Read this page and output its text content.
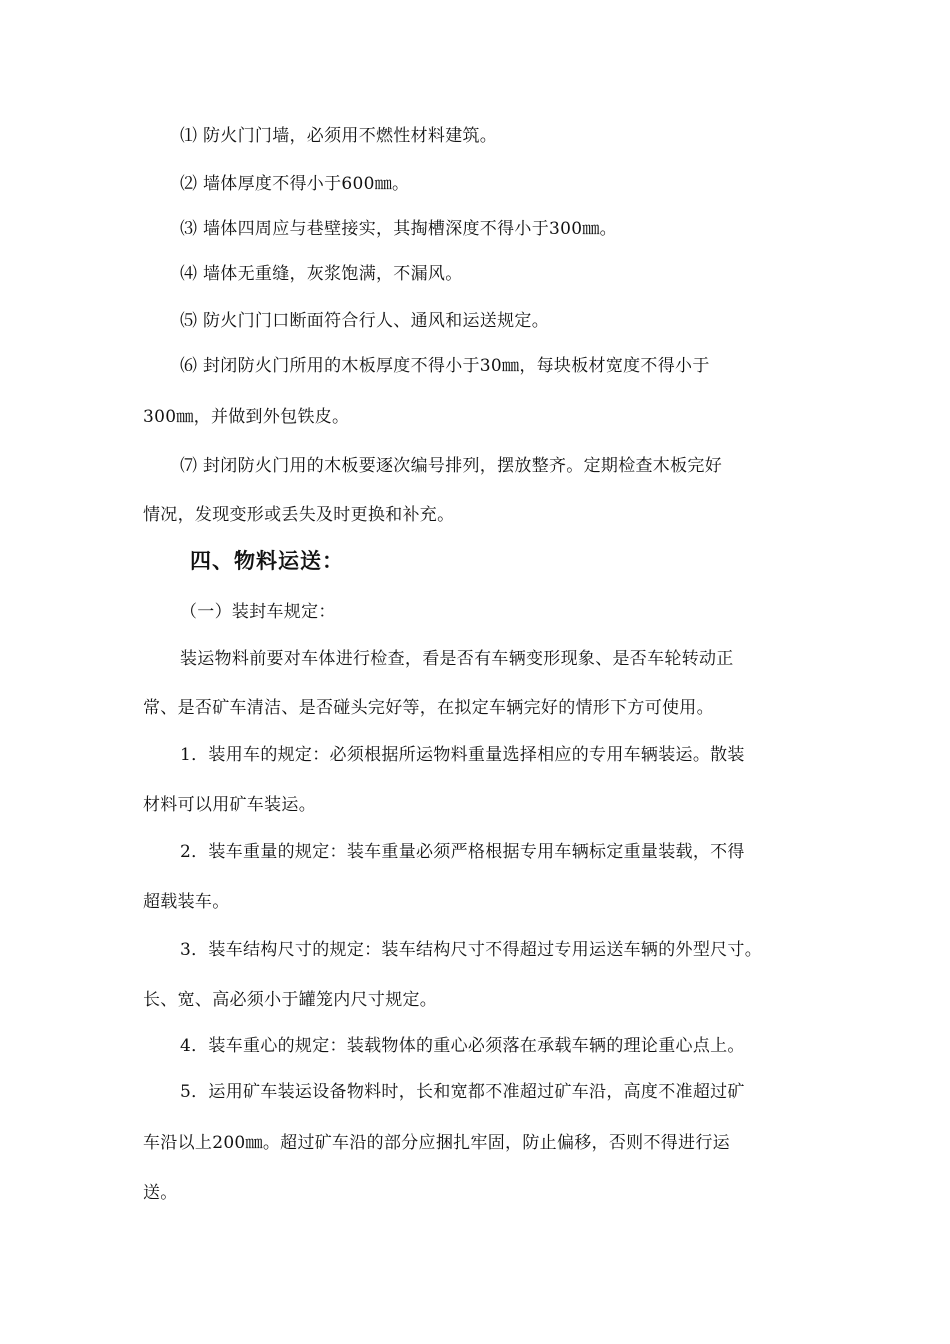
⑴ 防火门门墙，必须用不燃性材料建筑。

⑵ 墙体厚度不得小于600㎜。

⑶ 墙体四周应与巷壁接实，其掏槽深度不得小于300㎜。

⑷ 墙体无重缝，灰浆饱满，不漏风。

⑸ 防火门门口断面符合行人、通风和运送规定。

⑹ 封闭防火门所用的木板厚度不得小于30㎜，每块板材宽度不得小于

300㎜，并做到外包铁皮。

⑺ 封闭防火门用的木板要逐次编号排列，摆放整齐。定期检查木板完好

情况，发现变形或丢失及时更换和补充。

四、物料运送：

（一）装封车规定：

装运物料前要对车体进行检查，看是否有车辆变形现象、是否车轮转动正

常、是否矿车清洁、是否碰头完好等，在拟定车辆完好的情形下方可使用。

1．装用车的规定：必须根据所运物料重量选择相应的专用车辆装运。散装

材料可以用矿车装运。

2．装车重量的规定：装车重量必须严格根据专用车辆标定重量装载，不得

超载装车。

3．装车结构尺寸的规定：装车结构尺寸不得超过专用运送车辆的外型尺寸。

长、宽、高必须小于罐笼内尺寸规定。

4．装车重心的规定：装载物体的重心必须落在承载车辆的理论重心点上。

5．运用矿车装运设备物料时，长和宽都不准超过矿车沿，高度不准超过矿

车沿以上200㎜。超过矿车沿的部分应捆扎牢固，防止偏移，否则不得进行运

送。
